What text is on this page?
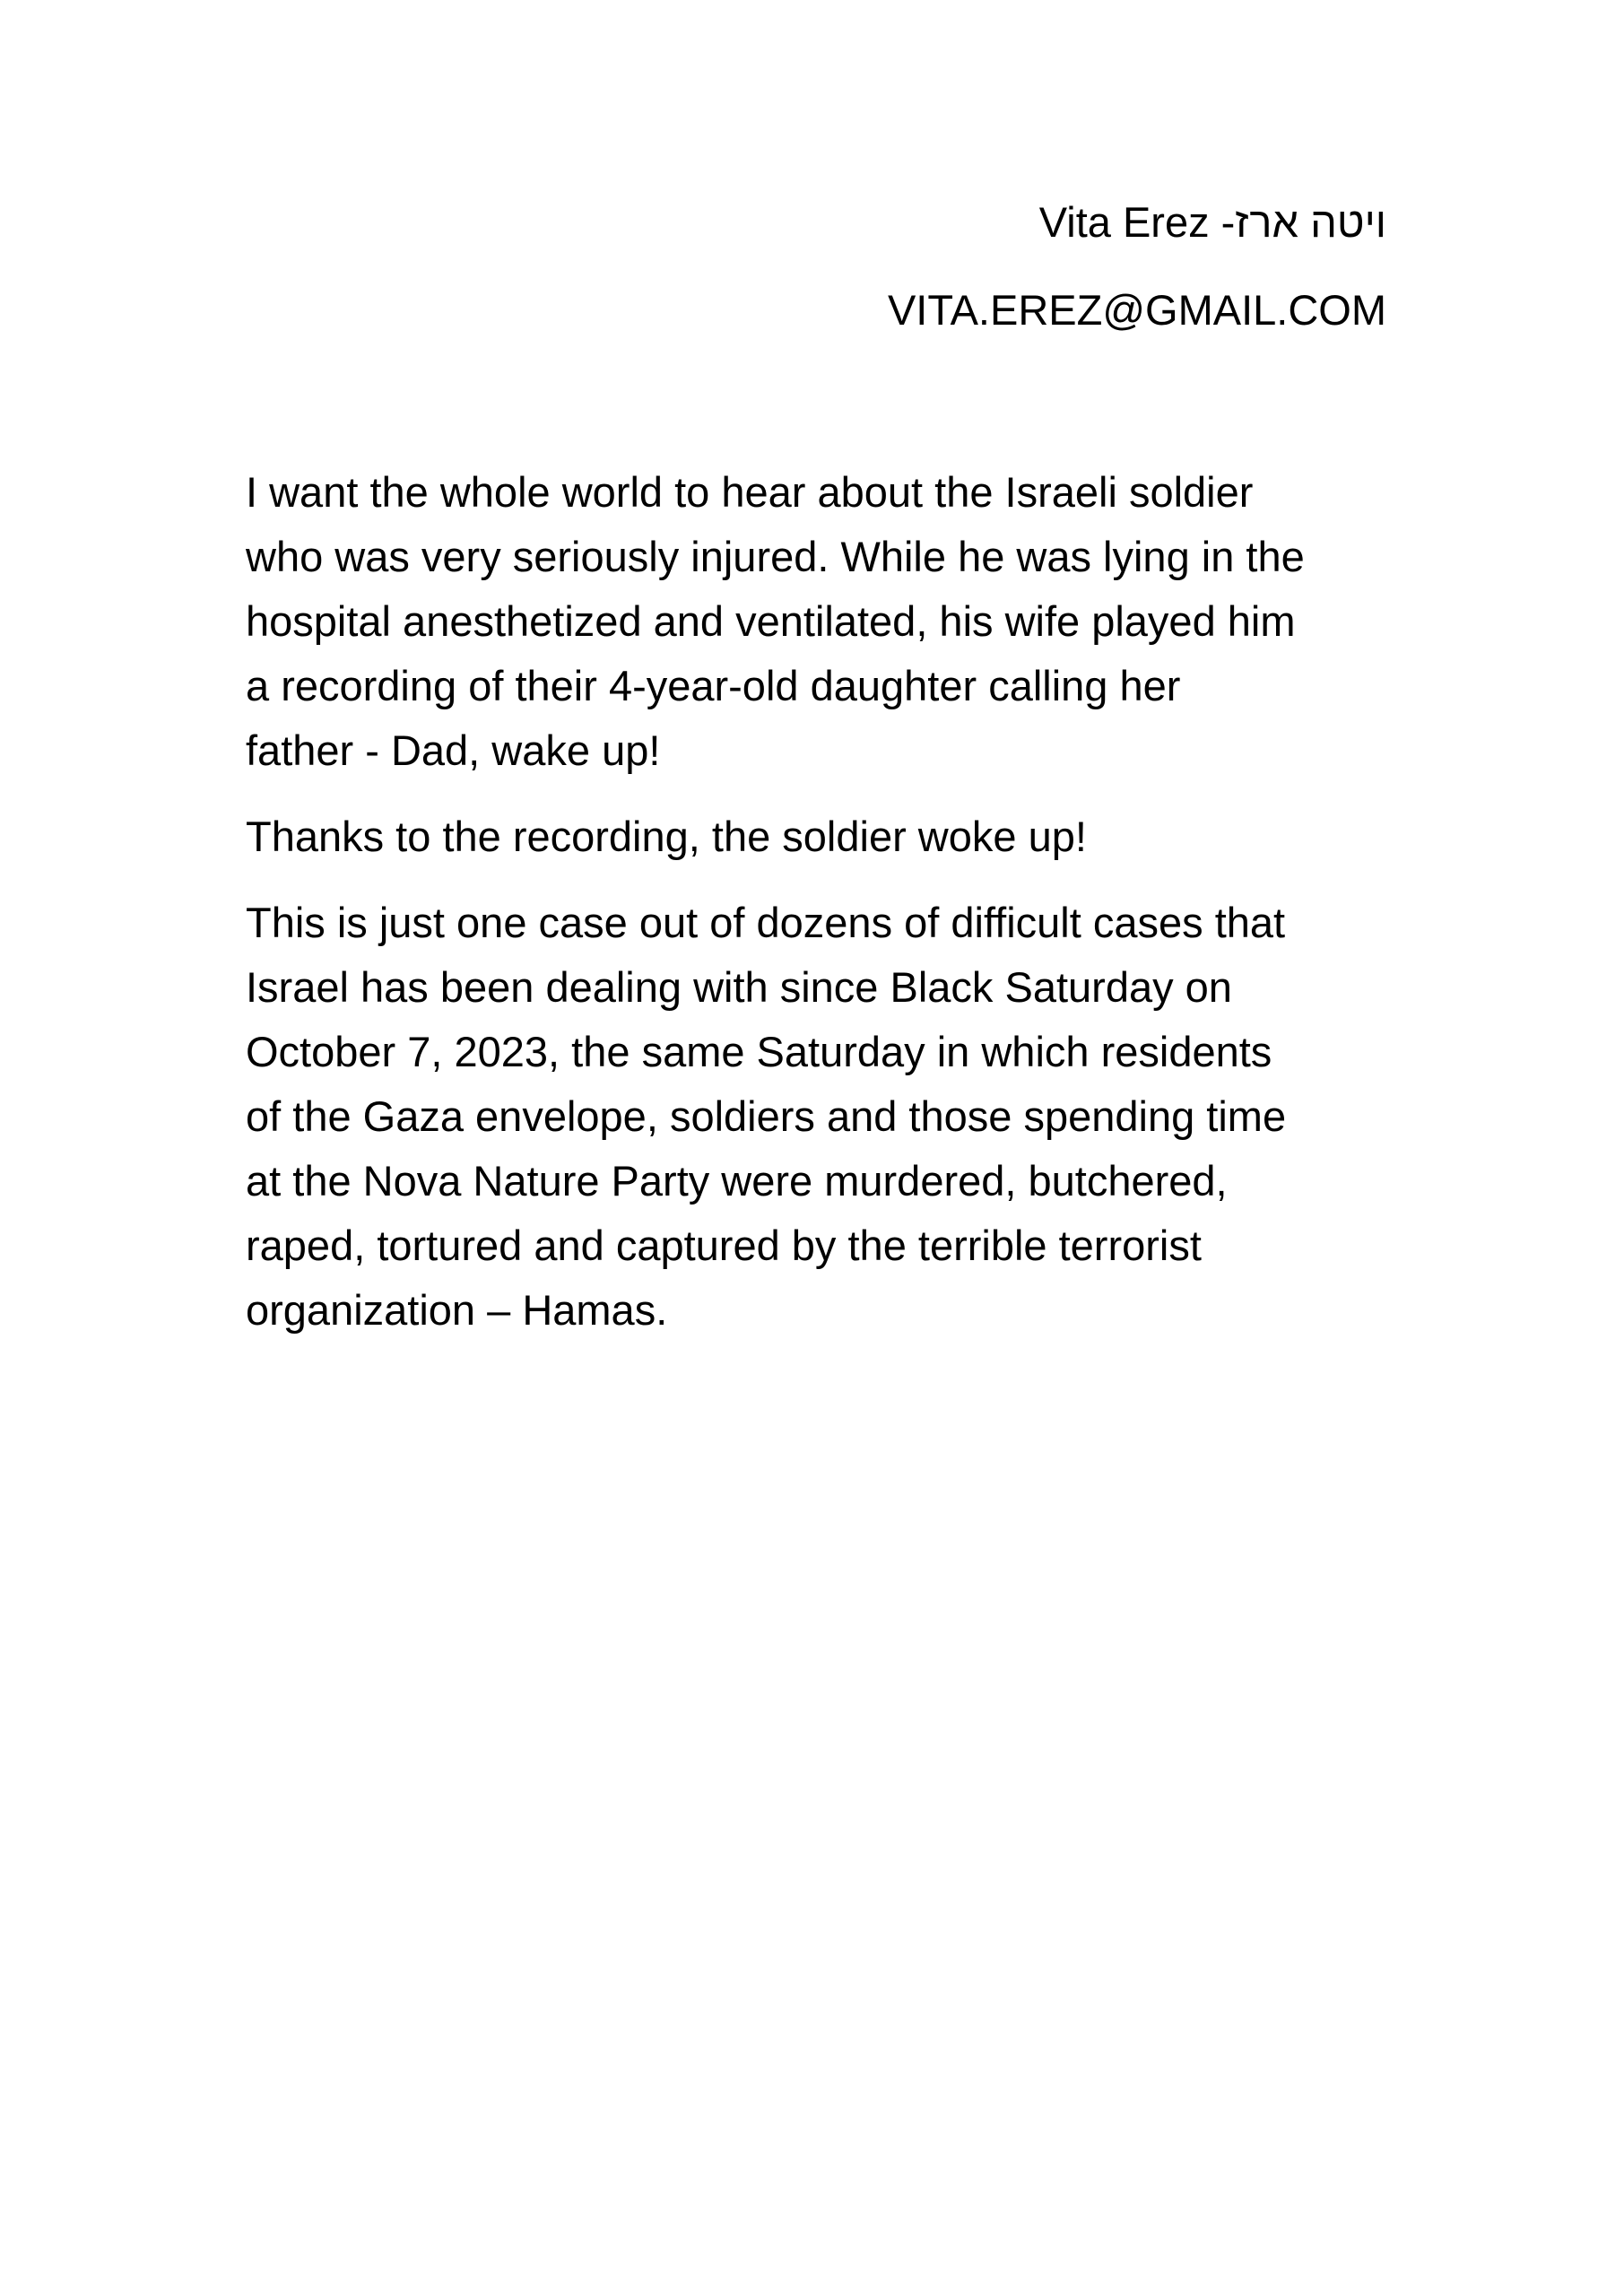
Vita Erez -ויטה ארז

VITA.EREZ@GMAIL.COM

I want the whole world to hear about the Israeli soldier
who was very seriously injured. While he was lying in the
hospital anesthetized and ventilated, his wife played him
a recording of their 4-year-old daughter calling her
father - Dad, wake up!

Thanks to the recording, the soldier woke up!

This is just one case out of dozens of difficult cases that
Israel has been dealing with since Black Saturday on
October 7, 2023, the same Saturday in which residents
of the Gaza envelope, soldiers and those spending time
at the Nova Nature Party were murdered, butchered,
raped, tortured and captured by the terrible terrorist
organization – Hamas.
